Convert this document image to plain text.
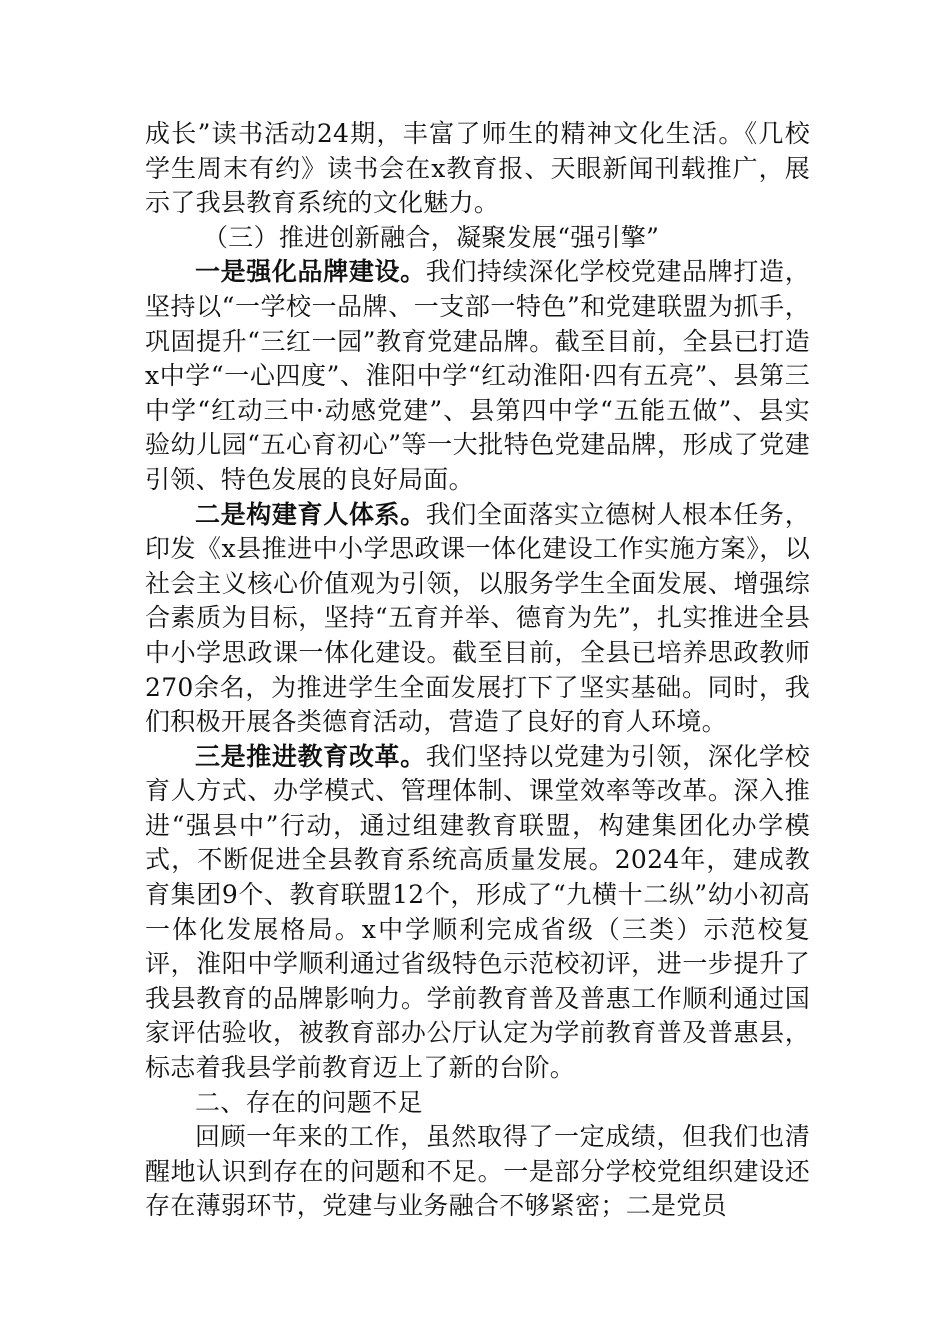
成长”读书活动24期，丰富了师生的精神文化生活。《几校学生周末有约》读书会在x教育报、天眼新闻刊载推广，展示了我县教育系统的文化魅力。

（三）推进创新融合，凝聚发展“强引擎”

一是强化品牌建设。我们持续深化学校党建品牌打造，坚持以“一学校一品牌、一支部一特色”和党建联盟为抓手，巩固提升“三红一园”教育党建品牌。截至目前，全县已打造x中学“一心四度”、淮阳中学“红动淮阳·四有五亮”、县第三中学“红动三中·动感党建”、县第四中学“五能五做”、县实验幼儿园“五心育初心”等一大批特色党建品牌，形成了党建引领、特色发展的良好局面。

二是构建育人体系。我们全面落实立德树人根本任务，印发《x县推进中小学思政课一体化建设工作实施方案》，以社会主义核心价值观为引领，以服务学生全面发展、增强综合素质为目标，坚持“五育并举、德育为先”，扎实推进全县中小学思政课一体化建设。截至目前，全县已培养思政教师270余名，为推进学生全面发展打下了坚实基础。同时，我们积极开展各类德育活动，营造了良好的育人环境。

三是推进教育改革。我们坚持以党建为引领，深化学校育人方式、办学模式、管理体制、课堂效率等改革。深入推进“强县中”行动，通过组建教育联盟，构建集团化办学模式，不断促进全县教育系统高质量发展。2024年，建成教育集团9个、教育联盟12个，形成了“九横十二纵”幼小初高一体化发展格局。x中学顺利完成省级（三类）示范校复评，淮阳中学顺利通过省级特色示范校初评，进一步提升了我县教育的品牌影响力。学前教育普及普惠工作顺利通过国家评估验收，被教育部办公厅认定为学前教育普及普惠县，标志着我县学前教育迈上了新的台阶。

二、存在的问题不足

回顾一年来的工作，虽然取得了一定成绩，但我们也清醒地认识到存在的问题和不足。一是部分学校党组织建设还存在薄弱环节，党建与业务融合不够紧密；二是党员
